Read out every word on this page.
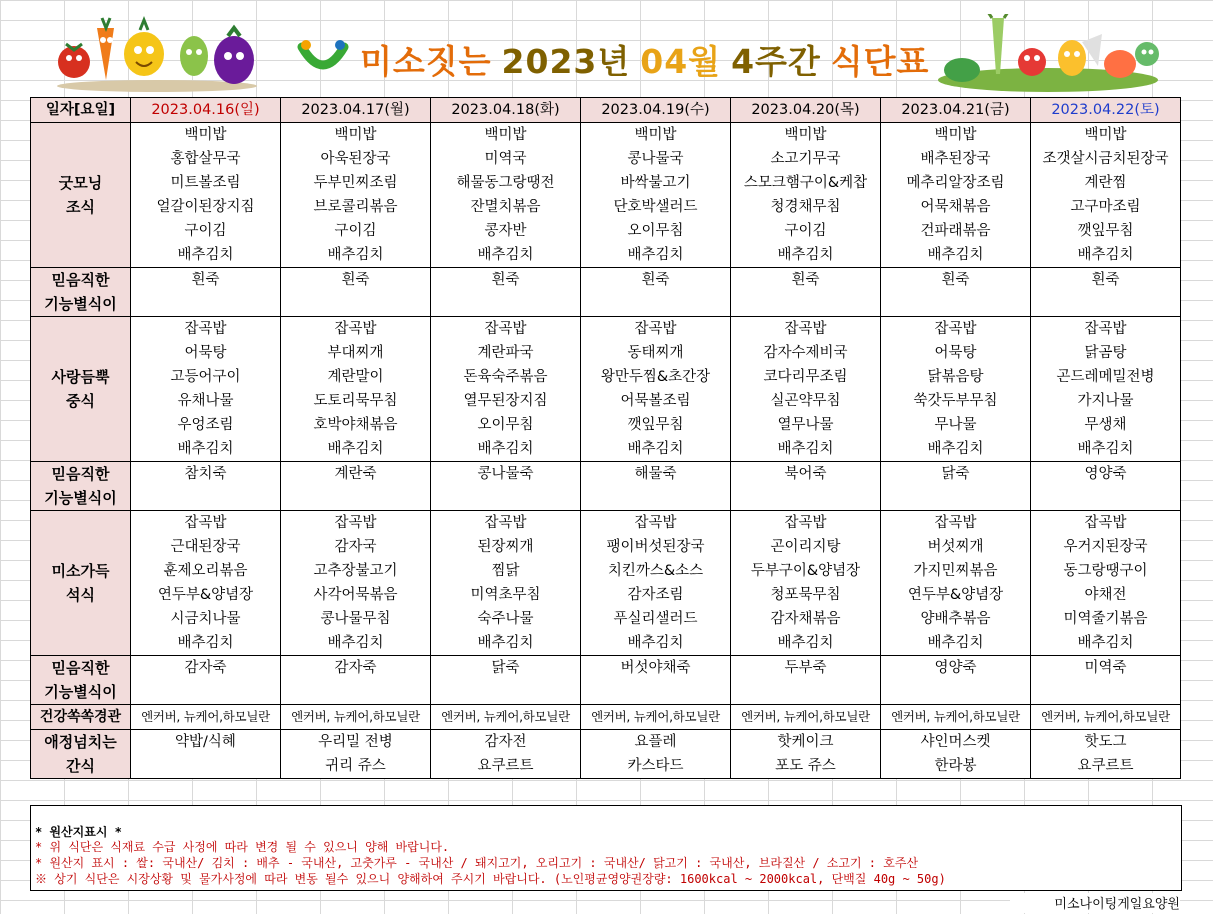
미소짓는 2023년 04월 4주간 식단표
일자[요일]	2023.04.16(일)	2023.04.17(월)	2023.04.18(화)	2023.04.19(수)	2023.04.20(목)	2023.04.21(금)	2023.04.22(토)

굿모닝
조식	백미밥	백미밥	백미밥	백미밥	백미밥	백미밥	백미밥
	홍합살무국	아욱된장국	미역국	콩나물국	소고기무국	배추된장국	조갯살시금치된장국
	미트볼조림	두부민찌조림	해물동그랑땡전	바싹불고기	스모크햄구이&케찹	메추리알장조림	계란찜
	얼갈이된장지짐	브로콜리볶음	잔멸치볶음	단호박샐러드	청경채무침	어묵채볶음	고구마조림
	구이김	구이김	콩자반	오이무침	구이김	건파래볶음	깻잎무침
	배추김치	배추김치	배추김치	배추김치	배추김치	배추김치	배추김치

믿음직한
기능별식이	흰죽	흰죽	흰죽	흰죽	흰죽	흰죽	흰죽

사랑듬뿍
중식	잡곡밥	잡곡밥	잡곡밥	잡곡밥	잡곡밥	잡곡밥	잡곡밥
	어묵탕	부대찌개	계란파국	동태찌개	감자수제비국	어묵탕	닭곰탕
	고등어구이	계란말이	돈육숙주볶음	왕만두찜&초간장	코다리무조림	닭볶음탕	곤드레메밀전병
	유채나물	도토리묵무침	열무된장지짐	어묵볼조림	실곤약무침	쑥갓두부무침	가지나물
	우엉조림	호박야채볶음	오이무침	깻잎무침	열무나물	무나물	무생채
	배추김치	배추김치	배추김치	배추김치	배추김치	배추김치	배추김치

믿음직한
기능별식이	참치죽	계란죽	콩나물죽	해물죽	북어죽	닭죽	영양죽

미소가득
석식	잡곡밥	잡곡밥	잡곡밥	잡곡밥	잡곡밥	잡곡밥	잡곡밥
	근대된장국	감자국	된장찌개	팽이버섯된장국	곤이리지탕	버섯찌개	우거지된장국
	훈제오리볶음	고추장불고기	찜닭	치킨까스&소스	두부구이&양념장	가지민찌볶음	동그랑땡구이
	연두부&양념장	사각어묵볶음	미역초무침	감자조림	청포묵무침	연두부&양념장	야채전
	시금치나물	콩나물무침	숙주나물	푸실리샐러드	감자채볶음	양배추볶음	미역줄기볶음
	배추김치	배추김치	배추김치	배추김치	배추김치	배추김치	배추김치

믿음직한
기능별식이	감자죽	감자죽	닭죽	버섯야채죽	두부죽	영양죽	미역죽

건강쏙쏙경관	엔커버, 뉴케어,하모닐란	엔커버, 뉴케어,하모닐란	엔커버, 뉴케어,하모닐란	엔커버, 뉴케어,하모닐란	엔커버, 뉴케어,하모닐란	엔커버, 뉴케어,하모닐란	엔커버, 뉴케어,하모닐란

애정넘치는
간식	약밥/식혜	우리밀 전병	감자전	요플레	핫케이크	샤인머스켓	핫도그
		귀리 쥬스	요쿠르트	카스타드	포도 쥬스	한라봉	요쿠르트
* 원산지표시 *
* 위 식단은 식재료 수급 사정에 따라 변경 될 수 있으니 양해 바랍니다.
* 원산지 표시 : 쌀: 국내산/ 김치 : 배추 - 국내산, 고춧가루 - 국내산 / 돼지고기, 오리고기 : 국내산/ 닭고기 : 국내산, 브라질산 / 소고기 : 호주산
※ 상기 식단은 시장상황 및 물가사정에 따라 변동 될수 있으니 양해하여 주시기 바랍니다. (노인평균영양권장량: 1600kcal ~ 2000kcal, 단백질 40g ~ 50g)
미소나이팅게일요양원
